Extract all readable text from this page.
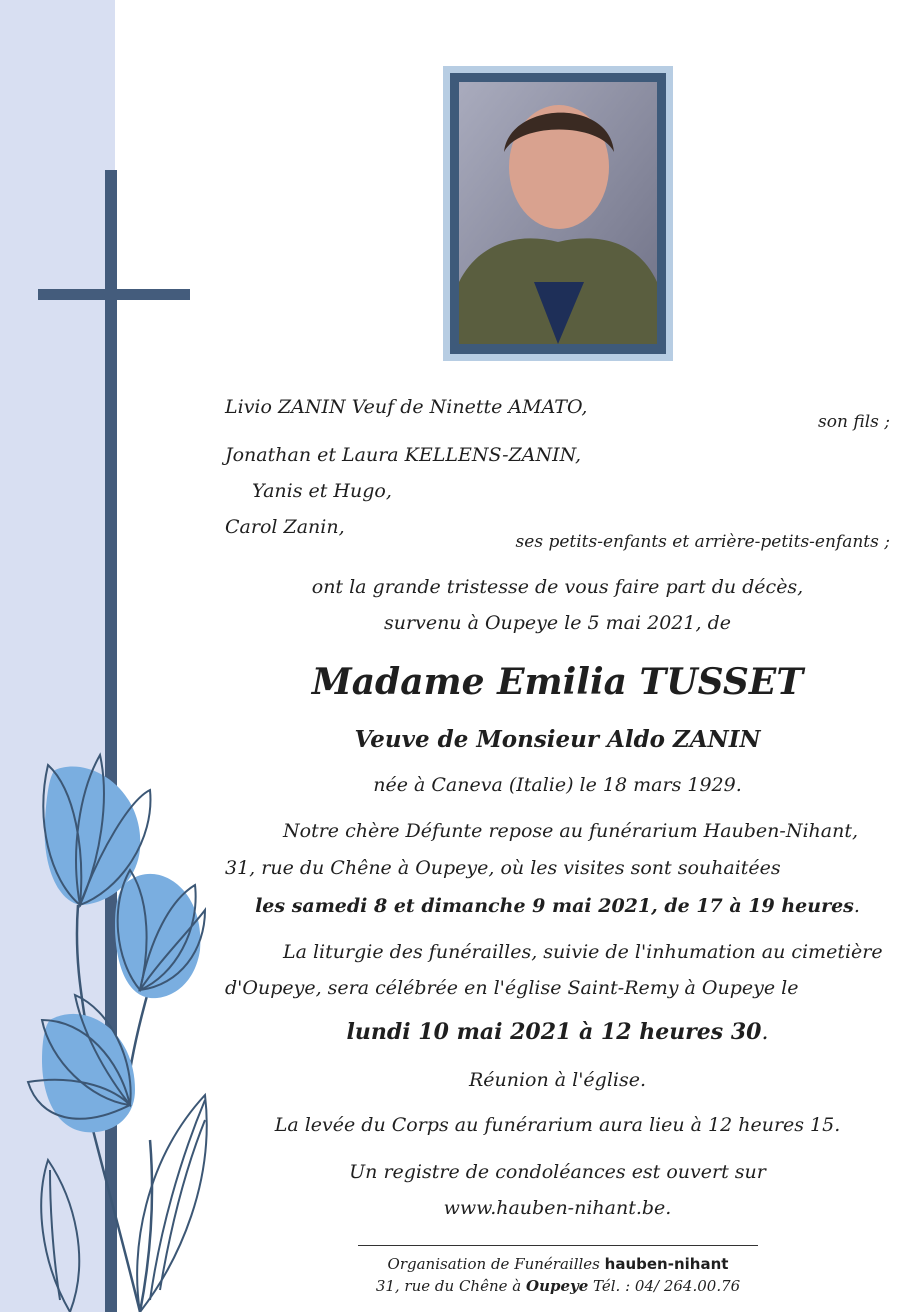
Livio ZANIN Veuf de Ninette AMATO,
son fils ;
Jonathan et Laura KELLENS-ZANIN,
Yanis et Hugo,
Carol Zanin,
ses petits-enfants et arrière-petits-enfants ;
ont la grande tristesse de vous faire part du décès,
survenu à Oupeye le 5 mai 2021, de
Madame Emilia TUSSET
Veuve de Monsieur Aldo ZANIN
née à Caneva (Italie) le 18 mars 1929.
Notre chère Défunte repose au funérarium Hauben-Nihant,
31, rue du Chêne à Oupeye, où les visites sont souhaitées
les samedi 8 et dimanche 9 mai 2021, de 17 à 19 heures.
La liturgie des funérailles, suivie de l'inhumation au cimetière
d'Oupeye, sera célébrée en l'église Saint-Remy à Oupeye le
lundi 10 mai 2021 à 12 heures 30.
Réunion à l'église.
La levée du Corps au funérarium aura lieu à 12 heures 15.
Un registre de condoléances est ouvert sur
www.hauben-nihant.be.
Organisation de Funérailles hauben-nihant
31, rue du Chêne à Oupeye Tél. : 04/ 264.00.76
